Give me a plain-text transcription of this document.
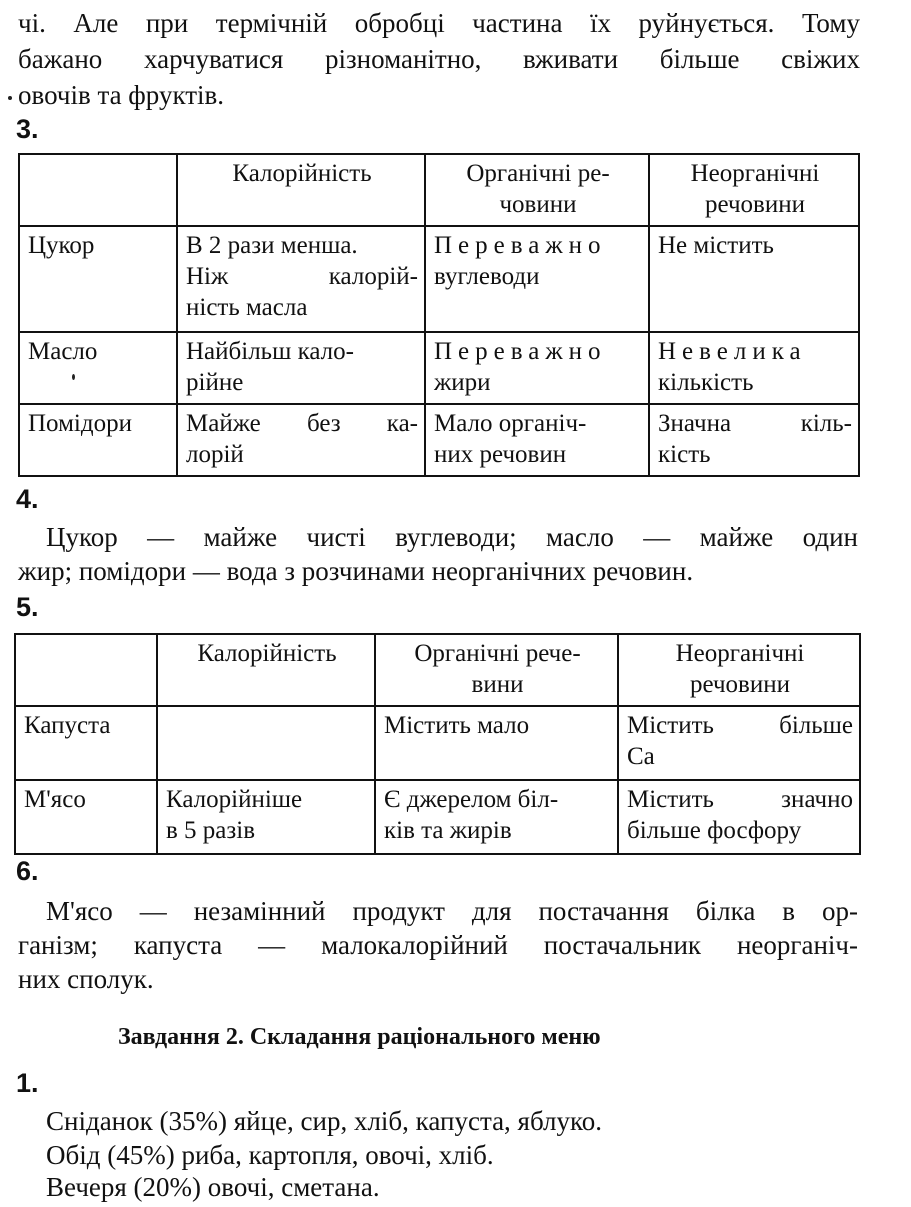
чі. Але при термічній обробці частина їх руйнується. Тому
бажано харчуватися різноманітно, вживати більше свіжих
овочів та фруктів.
3.

	Калорійність	Органічні ре-
човини	Неорганічні
речовини

Цукор	В 2 рази менша.
Ніж калорій-
ність масла	Переважно
вуглеводи	Не містить

Масло	Найбільш кало-
рійне	Переважно
жири	Невелика
кількість

Помідори	Майже без ка-
лорій	Мало органіч-
них речовин	Значна кіль-
кість
4.
Цукор — майже чисті вуглеводи; масло — майже один
жир; помідори — вода з розчинами неорганічних речовин.
5.

	Калорійність	Органічні рече-
вини	Неорганічні
речовини

Капуста		Містить мало	Містить більше
Ca

М'ясо	Калорійніше
в 5 разів	Є джерелом біл-
ків та жирів	Містить значно
більше фосфору
6.
М'ясо — незамінний продукт для постачання білка в ор-
ганізм; капуста — малокалорійний постачальник неорганіч-
них сполук.
Завдання 2. Складання раціонального меню
1.
Сніданок (35%) яйце, сир, хліб, капуста, яблуко.
Обід (45%) риба, картопля, овочі, хліб.
Вечеря (20%) овочі, сметана.
